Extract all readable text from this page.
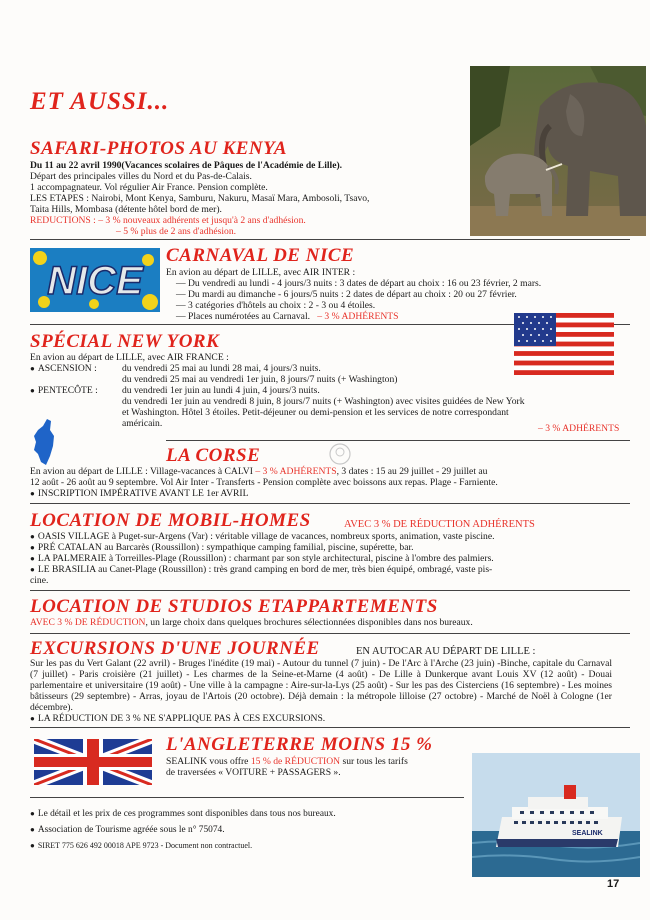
ET AUSSI...
SAFARI-PHOTOS AU KENYA
Du 11 au 22 avril 1990(Vacances scolaires de Pâques de l'Académie de Lille).
Départ des principales villes du Nord et du Pas-de-Calais.
1 accompagnateur. Vol régulier Air France. Pension complète.
LES ETAPES : Nairobi, Mont Kenya, Samburu, Nakuru, Masaï Mara, Ambosoli, Tsavo,
Taita Hills, Mombasa (détente hôtel bord de mer).
REDUCTIONS : – 3 % nouveaux adhérents et jusqu'à 2 ans d'adhésion.
– 5 % plus de 2 ans d'adhésion.
NICE
CARNAVAL DE NICE
En avion au départ de LILLE, avec AIR INTER :
— Du vendredi au lundi - 4 jours/3 nuits : 3 dates de départ au choix : 16 ou 23 février, 2 mars.
— Du mardi au dimanche - 6 jours/5 nuits : 2 dates de départ au choix : 20 ou 27 février.
— 3 catégories d'hôtels au choix : 2 - 3 ou 4 étoiles.
— Places numérotées au Carnaval. – 3 % ADHÉRENTS
SPÉCIAL NEW YORK
En avion au départ de LILLE, avec AIR FRANCE :
● ASCENSION :	du vendredi 25 mai au lundi 28 mai, 4 jours/3 nuits.
du vendredi 25 mai au vendredi 1er juin, 8 jours/7 nuits (+ Washington)
● PENTECÔTE :	du vendredi 1er juin au lundi 4 juin, 4 jours/3 nuits.
du vendredi 1er juin au vendredi 8 juin, 8 jours/7 nuits (+ Washington) avec visites guidées de New York
et Washington. Hôtel 3 étoiles. Petit-déjeuner ou demi-pension et les services de notre correspondant
américain.	– 3 % ADHÉRENTS
LA CORSE
En avion au départ de LILLE : Village-vacances à CALVI – 3 % ADHÉRENTS, 3 dates : 15 au 29 juillet - 29 juillet au
12 août - 26 août au 9 septembre. Vol Air Inter - Transferts - Pension complète avec boissons aux repas. Plage - Farniente.
● INSCRIPTION IMPÉRATIVE AVANT LE 1er AVRIL
LOCATION DE MOBIL-HOMES	AVEC 3 % DE RÉDUCTION ADHÉRENTS
● OASIS VILLAGE à Puget-sur-Argens (Var) : véritable village de vacances, nombreux sports, animation, vaste piscine.
● PRÉ CATALAN au Barcarès (Roussillon) : sympathique camping familial, piscine, supérette, bar.
● LA PALMERAIE à Torreilles-Plage (Roussillon) : charmant par son style architectural, piscine à l'ombre des palmiers.
● LE BRASILIA au Canet-Plage (Roussillon) : très grand camping en bord de mer, très bien équipé, ombragé, vaste pis-
cine.
LOCATION DE STUDIOS ETAPPARTEMENTS
AVEC 3 % DE RÉDUCTION, un large choix dans quelques brochures sélectionnées disponibles dans nos bureaux.
EXCURSIONS D'UNE JOURNÉE	EN AUTOCAR AU DÉPART DE LILLE :
Sur les pas du Vert Galant (22 avril) - Bruges l'inédite (19 mai) - Autour du tunnel (7 juin) - De l'Arc à l'Arche (23 juin) -Binche, capitale du Carnaval (7 juillet) - Paris croisière (21 juillet) - Les charmes de la Seine-et-Marne (4 août) - De Lille à Dunkerque avant Louis XV (12 août) - Douai parlementaire et universitaire (19 août) - Une ville à la campagne : Aire-sur-la-Lys (25 août) - Sur les pas des Cisterciens (16 septembre) - Les moines bâtisseurs (29 septembre) - Arras, joyau de l'Artois (20 octobre). Déjà demain : la métropole lilloise (27 octobre) - Marché de Noël à Cologne (1er décembre).
● LA RÉDUCTION DE 3 % NE S'APPLIQUE PAS À CES EXCURSIONS.
L'ANGLETERRE MOINS 15 %
SEALINK vous offre 15 % de RÉDUCTION sur tous les tarifs
de traversées « VOITURE + PASSAGERS ».
SEALINK
● Le détail et les prix de ces programmes sont disponibles dans tous nos bureaux.
● Association de Tourisme agréée sous le n° 75074.
● SIRET 775 626 492 00018 APE 9723 - Document non contractuel.
17
